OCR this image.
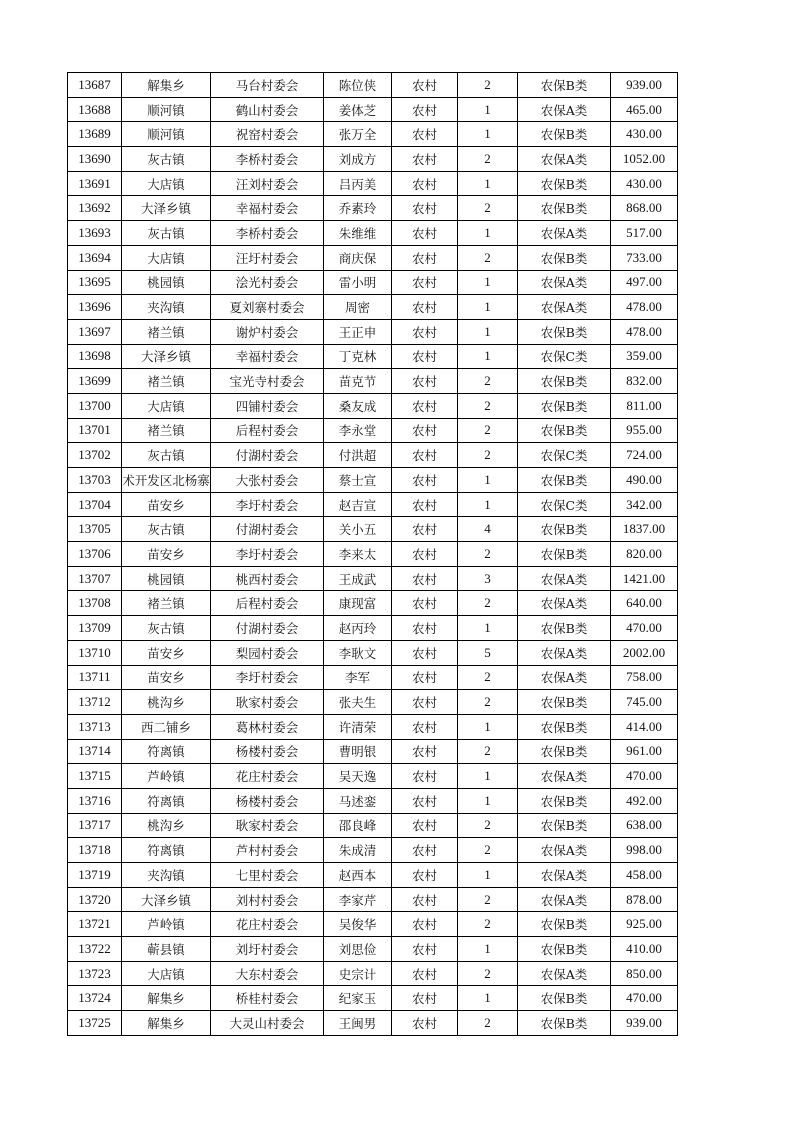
13687	解集乡	马台村委会	陈位侠	农村	2	农保B类	939.00
13688	顺河镇	鹤山村委会	姜体芝	农村	1	农保A类	465.00
13689	顺河镇	祝窑村委会	张万全	农村	1	农保B类	430.00
13690	灰古镇	李桥村委会	刘成方	农村	2	农保A类	1052.00
13691	大店镇	汪刘村委会	吕丙美	农村	1	农保B类	430.00
13692	大泽乡镇	幸福村委会	乔素玲	农村	2	农保B类	868.00
13693	灰古镇	李桥村委会	朱维维	农村	1	农保A类	517.00
13694	大店镇	汪圩村委会	商庆保	农村	2	农保B类	733.00
13695	桃园镇	浍光村委会	雷小明	农村	1	农保A类	497.00
13696	夹沟镇	夏刘寨村委会	周密	农村	1	农保A类	478.00
13697	褚兰镇	谢炉村委会	王正申	农村	1	农保B类	478.00
13698	大泽乡镇	幸福村委会	丁克林	农村	1	农保C类	359.00
13699	褚兰镇	宝光寺村委会	苗克节	农村	2	农保B类	832.00
13700	大店镇	四铺村委会	桑友成	农村	2	农保B类	811.00
13701	褚兰镇	后程村委会	李永堂	农村	2	农保B类	955.00
13702	灰古镇	付湖村委会	付洪超	农村	2	农保C类	724.00
13703	术开发区北杨寨	大张村委会	蔡士宣	农村	1	农保B类	490.00
13704	苗安乡	李圩村委会	赵吉宣	农村	1	农保C类	342.00
13705	灰古镇	付湖村委会	关小五	农村	4	农保B类	1837.00
13706	苗安乡	李圩村委会	李来太	农村	2	农保B类	820.00
13707	桃园镇	桃西村委会	王成武	农村	3	农保A类	1421.00
13708	褚兰镇	后程村委会	康现富	农村	2	农保A类	640.00
13709	灰古镇	付湖村委会	赵丙玲	农村	1	农保B类	470.00
13710	苗安乡	梨园村委会	李耿文	农村	5	农保A类	2002.00
13711	苗安乡	李圩村委会	李军	农村	2	农保A类	758.00
13712	桃沟乡	耿家村委会	张夫生	农村	2	农保B类	745.00
13713	西二铺乡	葛林村委会	许清荣	农村	1	农保B类	414.00
13714	符离镇	杨楼村委会	曹明银	农村	2	农保B类	961.00
13715	芦岭镇	花庄村委会	吴天逸	农村	1	农保A类	470.00
13716	符离镇	杨楼村委会	马述銮	农村	1	农保B类	492.00
13717	桃沟乡	耿家村委会	邵良峰	农村	2	农保B类	638.00
13718	符离镇	芦村村委会	朱成清	农村	2	农保A类	998.00
13719	夹沟镇	七里村委会	赵西本	农村	1	农保A类	458.00
13720	大泽乡镇	刘村村委会	李家芹	农村	2	农保A类	878.00
13721	芦岭镇	花庄村委会	吴俊华	农村	2	农保B类	925.00
13722	蕲县镇	刘圩村委会	刘思俭	农村	1	农保B类	410.00
13723	大店镇	大东村委会	史宗计	农村	2	农保A类	850.00
13724	解集乡	桥桂村委会	纪家玉	农村	1	农保B类	470.00
13725	解集乡	大灵山村委会	王闽男	农村	2	农保B类	939.00
